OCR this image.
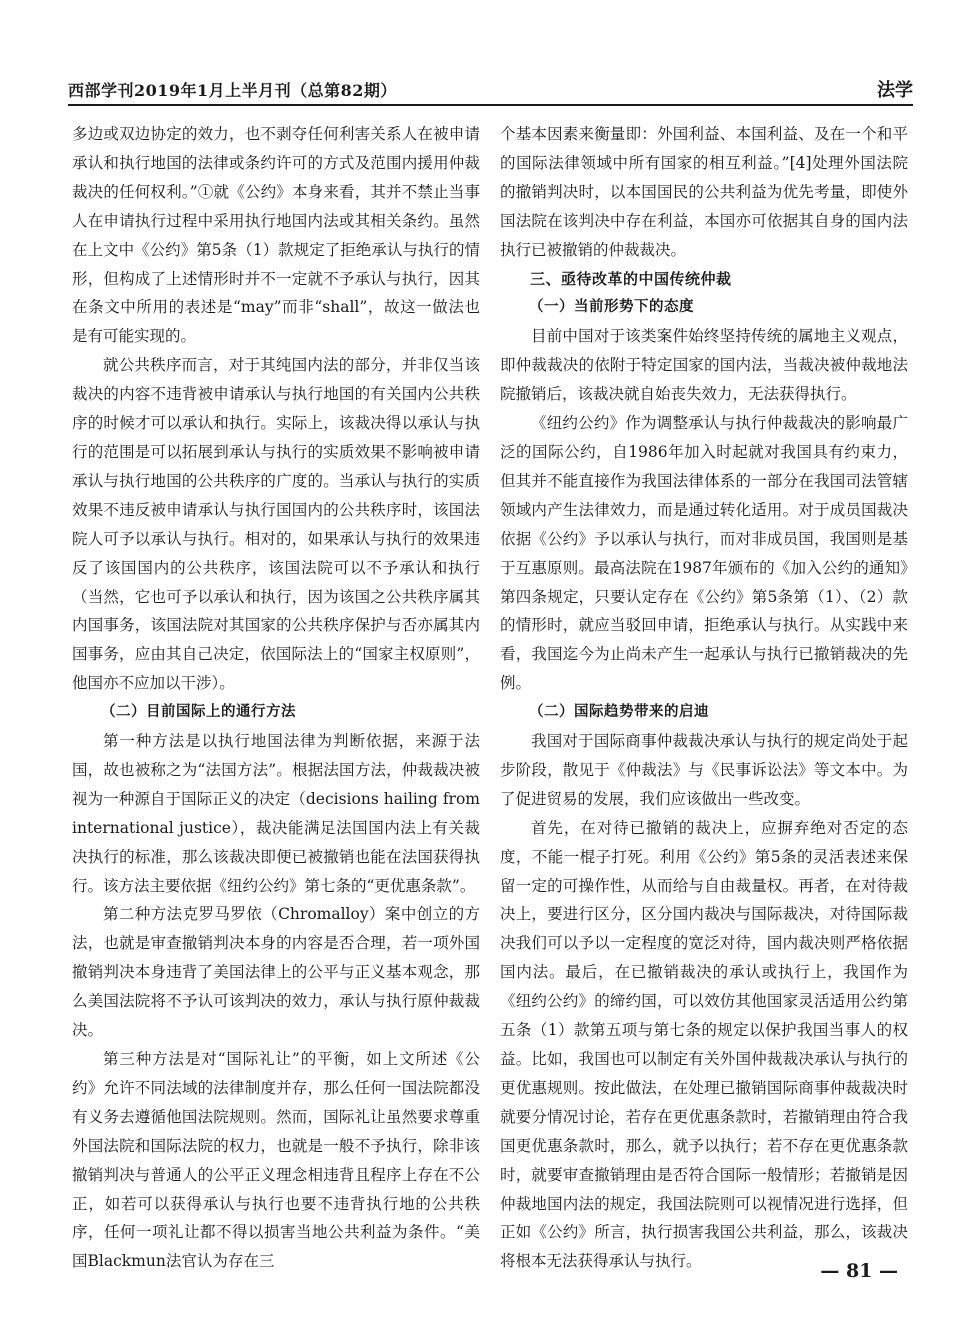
西部学刊2019年1月上半月刊（总第82期）	法学

多边或双边协定的效力，也不剥夺任何利害关系人在被申请承认和执行地国的法律或条约许可的方式及范围内援用仲裁裁决的任何权利。”①就《公约》本身来看，其并不禁止当事人在申请执行过程中采用执行地国内法或其相关条约。虽然在上文中《公约》第5条（1）款规定了拒绝承认与执行的情形，但构成了上述情形时并不一定就不予承认与执行，因其在条文中所用的表述是“may”而非“shall”，故这一做法也是有可能实现的。

就公共秩序而言，对于其纯国内法的部分，并非仅当该裁决的内容不违背被申请承认与执行地国的有关国内公共秩序的时候才可以承认和执行。实际上，该裁决得以承认与执行的范围是可以拓展到承认与执行的实质效果不影响被申请承认与执行地国的公共秩序的广度的。当承认与执行的实质效果不违反被申请承认与执行国国内的公共秩序时，该国法院人可予以承认与执行。相对的，如果承认与执行的效果违反了该国国内的公共秩序，该国法院可以不予承认和执行（当然，它也可予以承认和执行，因为该国之公共秩序属其内国事务，该国法院对其国家的公共秩序保护与否亦属其内国事务，应由其自己决定，依国际法上的“国家主权原则”，他国亦不应加以干涉）。

（二）目前国际上的通行方法

第一种方法是以执行地国法律为判断依据，来源于法国，故也被称之为“法国方法”。根据法国方法，仲裁裁决被视为一种源自于国际正义的决定（decisions hailing from international justice），裁决能满足法国国内法上有关裁决执行的标准，那么该裁决即便已被撤销也能在法国获得执行。该方法主要依据《纽约公约》第七条的“更优惠条款”。

第二种方法克罗马罗依（Chromalloy）案中创立的方法，也就是审查撤销判决本身的内容是否合理，若一项外国撤销判决本身违背了美国法律上的公平与正义基本观念，那么美国法院将不予认可该判决的效力，承认与执行原仲裁裁决。

第三种方法是对“国际礼让”的平衡，如上文所述《公约》允许不同法域的法律制度并存，那么任何一国法院都没有义务去遵循他国法院规则。然而，国际礼让虽然要求尊重外国法院和国际法院的权力，也就是一般不予执行，除非该撤销判决与普通人的公平正义理念相违背且程序上存在不公正，如若可以获得承认与执行也要不违背执行地的公共秩序，任何一项礼让都不得以损害当地公共利益为条件。“美国Blackmun法官认为存在三

个基本因素来衡量即：外国利益、本国利益、及在一个和平的国际法律领域中所有国家的相互利益。”[4]处理外国法院的撤销判决时，以本国国民的公共利益为优先考量，即使外国法院在该判决中存在利益，本国亦可依据其自身的国内法执行已被撤销的仲裁裁决。

三、亟待改革的中国传统仲裁
（一）当前形势下的态度

目前中国对于该类案件始终坚持传统的属地主义观点，即仲裁裁决的依附于特定国家的国内法，当裁决被仲裁地法院撤销后，该裁决就自始丧失效力，无法获得执行。

《纽约公约》作为调整承认与执行仲裁裁决的影响最广泛的国际公约，自1986年加入时起就对我国具有约束力，但其并不能直接作为我国法律体系的一部分在我国司法管辖领域内产生法律效力，而是通过转化适用。对于成员国裁决依据《公约》予以承认与执行，而对非成员国，我国则是基于互惠原则。最高法院在1987年颁布的《加入公约的通知》第四条规定，只要认定存在《公约》第5条第（1）、（2）款的情形时，就应当驳回申请，拒绝承认与执行。从实践中来看，我国迄今为止尚未产生一起承认与执行已撤销裁决的先例。

（二）国际趋势带来的启迪

我国对于国际商事仲裁裁决承认与执行的规定尚处于起步阶段，散见于《仲裁法》与《民事诉讼法》等文本中。为了促进贸易的发展，我们应该做出一些改变。

首先，在对待已撤销的裁决上，应摒弃绝对否定的态度，不能一棍子打死。利用《公约》第5条的灵活表述来保留一定的可操作性，从而给与自由裁量权。再者，在对待裁决上，要进行区分，区分国内裁决与国际裁决，对待国际裁决我们可以予以一定程度的宽泛对待，国内裁决则严格依据国内法。最后，在已撤销裁决的承认或执行上，我国作为《纽约公约》的缔约国，可以效仿其他国家灵活适用公约第五条（1）款第五项与第七条的规定以保护我国当事人的权益。比如，我国也可以制定有关外国仲裁裁决承认与执行的更优惠规则。按此做法，在处理已撤销国际商事仲裁裁决时就要分情况讨论，若存在更优惠条款时，若撤销理由符合我国更优惠条款时，那么，就予以执行；若不存在更优惠条款时，就要审查撤销理由是否符合国际一般情形；若撤销是因仲裁地国内法的规定，我国法院则可以视情况进行选择，但正如《公约》所言，执行损害我国公共利益，那么，该裁决将根本无法获得承认与执行。	— 81 —
